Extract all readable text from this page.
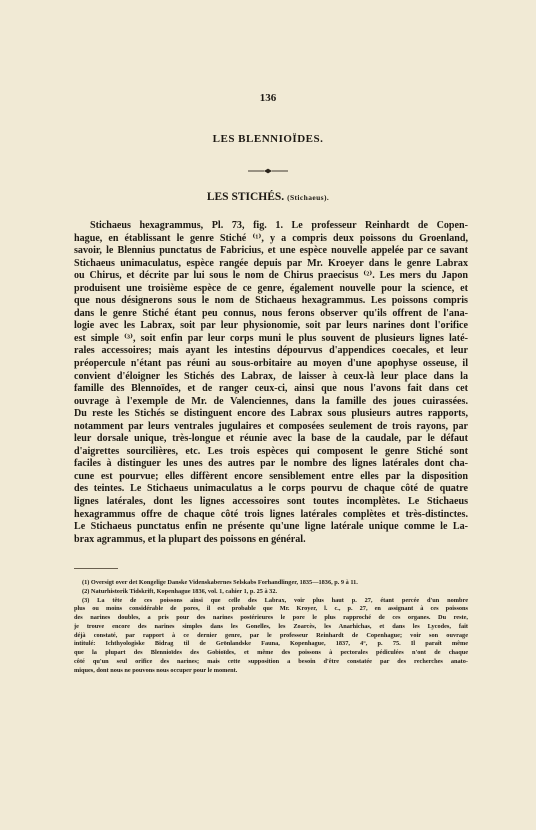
136
LES BLENNIOÏDES.
LES STICHÉS. (Stichaeus).
Stichaeus hexagrammus, Pl. 73, fig. 1. Le professeur Reinhardt de Copen-
hague, en établissant le genre Stiché ⁽¹⁾, y a compris deux poissons du Groenland,
savoir, le Blennius punctatus de Fabricius, et une espèce nouvelle appelée par ce savant
Stichaeus unimaculatus, espèce rangée depuis par Mr. Kroeyer dans le genre Labrax
ou Chirus, et décrite par lui sous le nom de Chirus praecisus ⁽²⁾. Les mers du Japon
produisent une troisième espèce de ce genre, également nouvelle pour la science, et
que nous désignerons sous le nom de Stichaeus hexagrammus. Les poissons compris
dans le genre Stiché étant peu connus, nous ferons observer qu'ils offrent de l'ana-
logie avec les Labrax, soit par leur physionomie, soit par leurs narines dont l'orifice
est simple ⁽³⁾, soit enfin par leur corps muni le plus souvent de plusieurs lignes laté-
rales accessoires; mais ayant les intestins dépourvus d'appendices coecales, et leur
préopercule n'étant pas réuni au sous-orbitaire au moyen d'une apophyse osseuse, il
convient d'éloigner les Stichés des Labrax, de laisser à ceux-là leur place dans la
famille des Blennoïdes, et de ranger ceux-ci, ainsi que nous l'avons fait dans cet
ouvrage à l'exemple de Mr. de Valenciennes, dans la famille des joues cuirassées.
Du reste les Stichés se distinguent encore des Labrax sous plusieurs autres rapports,
notamment par leurs ventrales jugulaires et composées seulement de trois rayons, par
leur dorsale unique, très-longue et réunie avec la base de la caudale, par le défaut
d'aigrettes sourcilières, etc. Les trois espèces qui composent le genre Stiché sont
faciles à distinguer les unes des autres par le nombre des lignes latérales dont cha-
cune est pourvue; elles diffèrent encore sensiblement entre elles par la disposition
des teintes. Le Stichaeus unimaculatus a le corps pourvu de chaque côté de quatre
lignes latérales, dont les lignes accessoires sont toutes incomplètes. Le Stichaeus
hexagrammus offre de chaque côté trois lignes latérales complètes et très-distinctes.
Le Stichaeus punctatus enfin ne présente qu'une ligne latérale unique comme le La-
brax agrammus, et la plupart des poissons en général.
(1) Oversigt over det Kongelige Danske Videnskabernes Selskabs Forhandlinger, 1835—1836, p. 9 à 11.
(2) Naturhistorik Tidskrift, Kopenhague 1836, vol. 1, cahier 1, p. 25 à 32.
(3) La tête de ces poissons ainsi que celle des Labrax, voir plus haut p. 27, étant percée d'un nombre
plus ou moins considérable de pores, il est probable que Mr. Kroyer, l. c., p. 27, en assignant à ces poissons
des narines doubles, a pris pour des narines postérieures le pore le plus rapproché de ces organes. Du reste,
je trouve encore des narines simples dans les Gonelles, les Zoarcès, les Anarhichas, et dans les Lycodes, fait
déjà constaté, par rapport à ce dernier genre, par le professeur Reinhardt de Copenhague; voir son ouvrage
intitulé: Ichthyologiske Bidrag til de Grönlandske Fauna, Kopenhague, 1837, 4°, p. 75. Il paraît même
que la plupart des Blennioïdes des Gobioïdes, et même des poissons à pectorales pédiculées n'ont de chaque
côté qu'un seul orifice des narines; mais cette supposition a besoin d'être constatée par des recherches anato-
miques, dont nous ne pouvons nous occuper pour le moment.
